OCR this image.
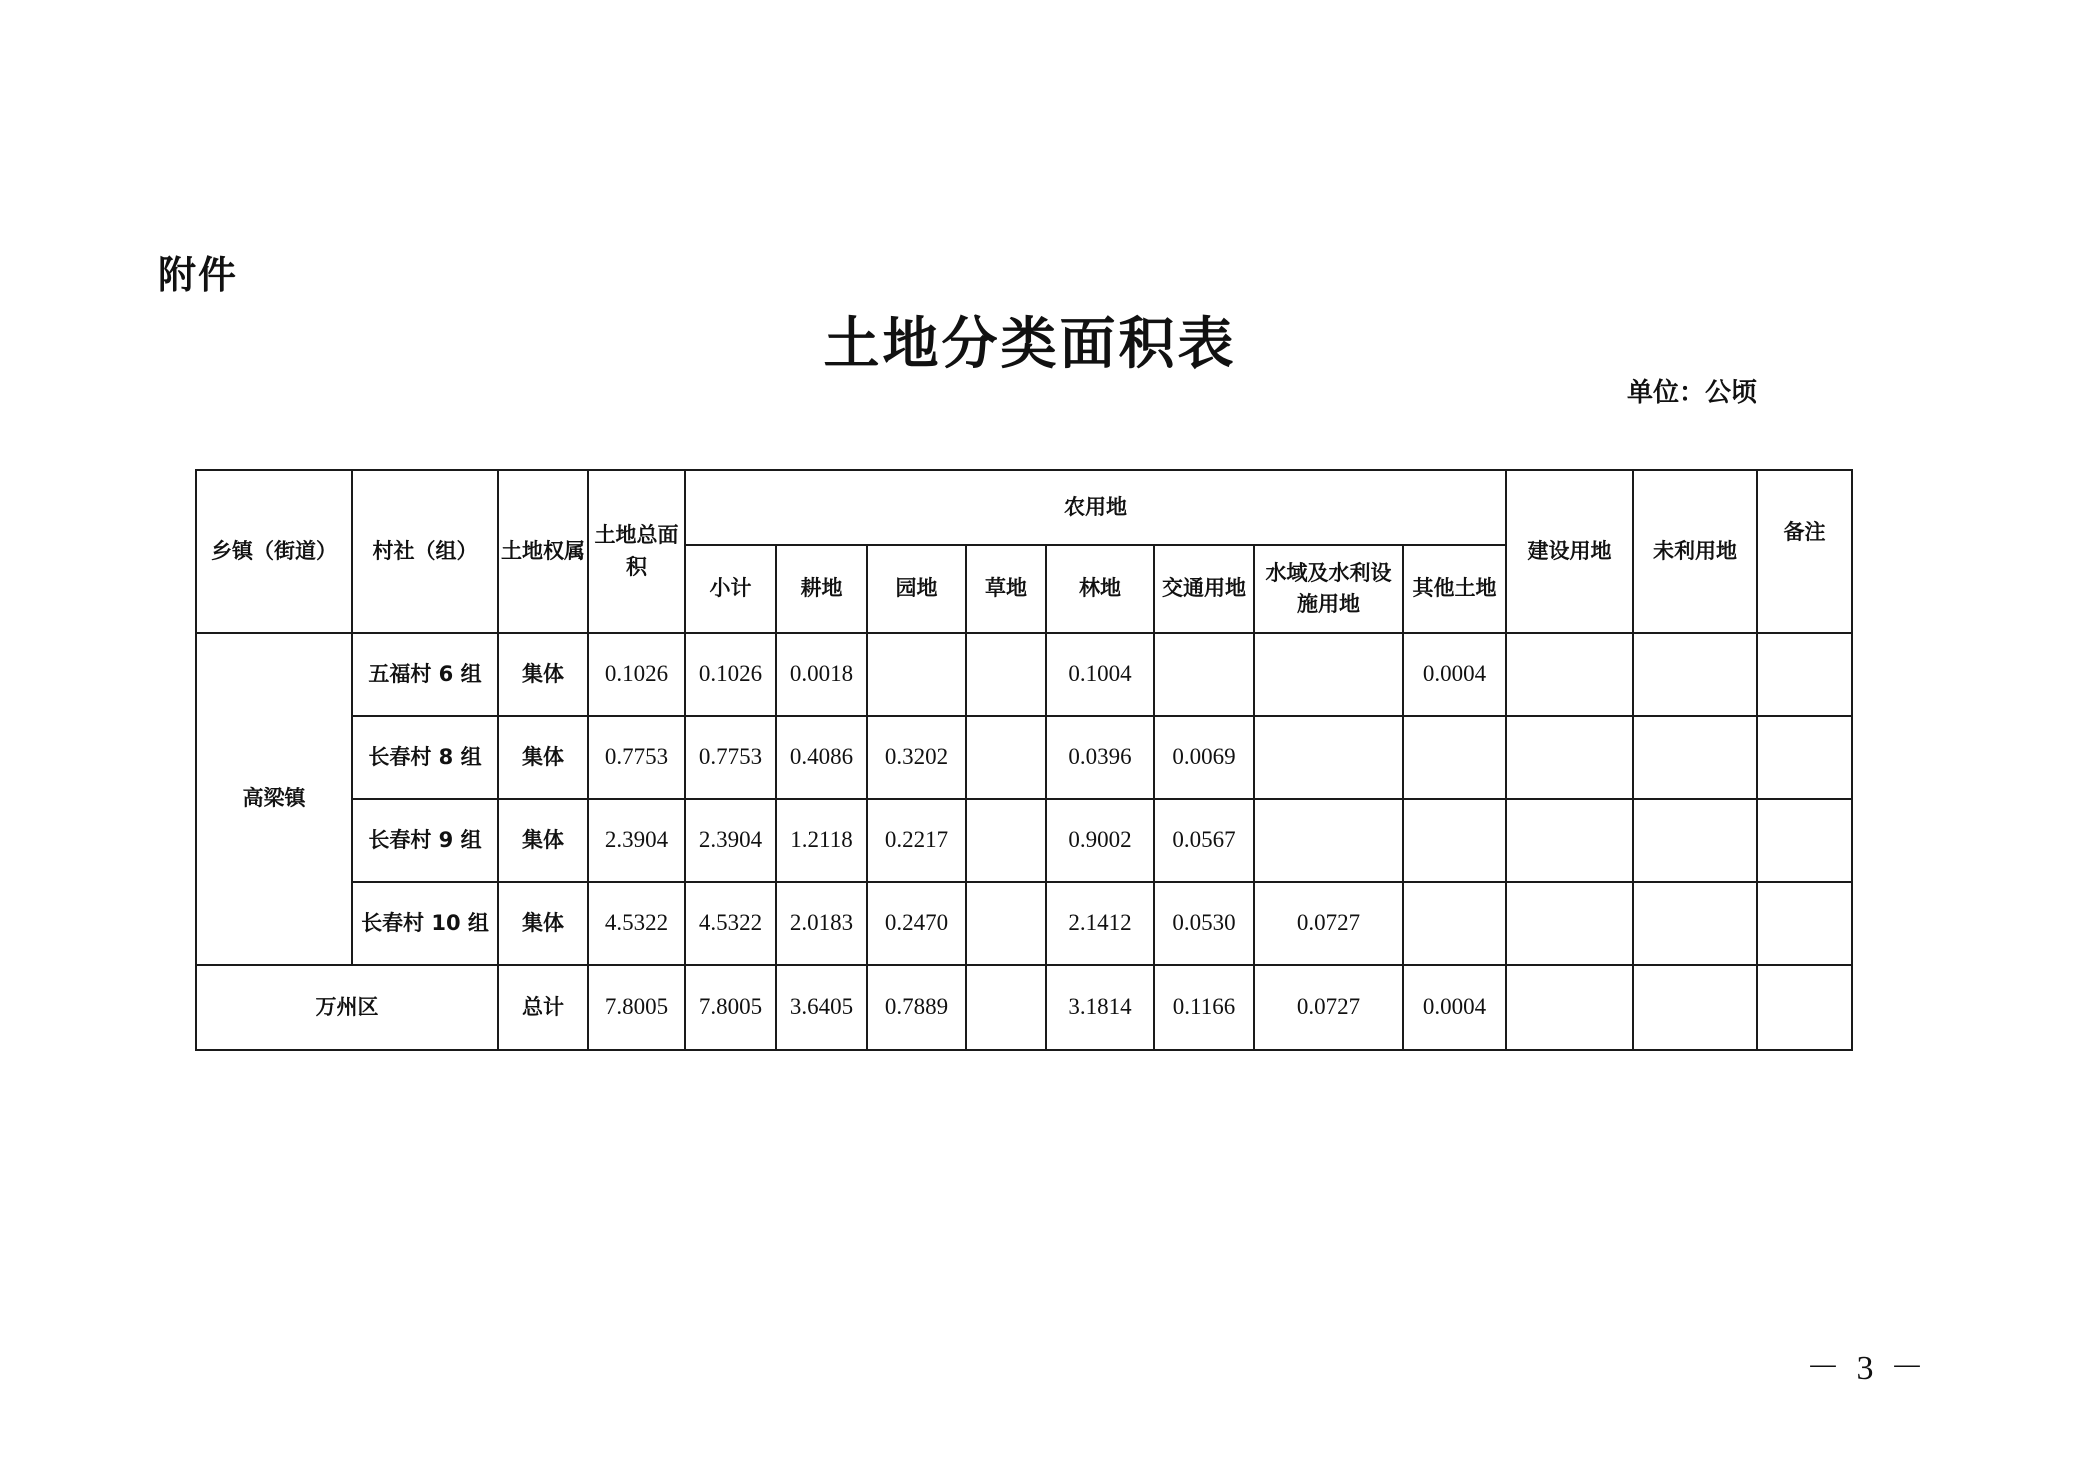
附件
土地分类面积表
单位：公顷
乡镇（街道）	村社（组）	土地权属	土地总面积	农用地								建设用地	未利用地	备注
				小计	耕地	园地	草地	林地	交通用地	水域及水利设施用地	其他土地			
高梁镇	五福村 6 组	集体	0.1026	0.1026	0.0018			0.1004			0.0004			
	长春村 8 组	集体	0.7753	0.7753	0.4086	0.3202		0.0396	0.0069					
	长春村 9 组	集体	2.3904	2.3904	1.2118	0.2217		0.9002	0.0567					
	长春村 10 组	集体	4.5322	4.5322	2.0183	0.2470		2.1412	0.0530	0.0727				
万州区		总计	7.8005	7.8005	3.6405	0.7889		3.1814	0.1166	0.0727	0.0004			
－ 3 －
